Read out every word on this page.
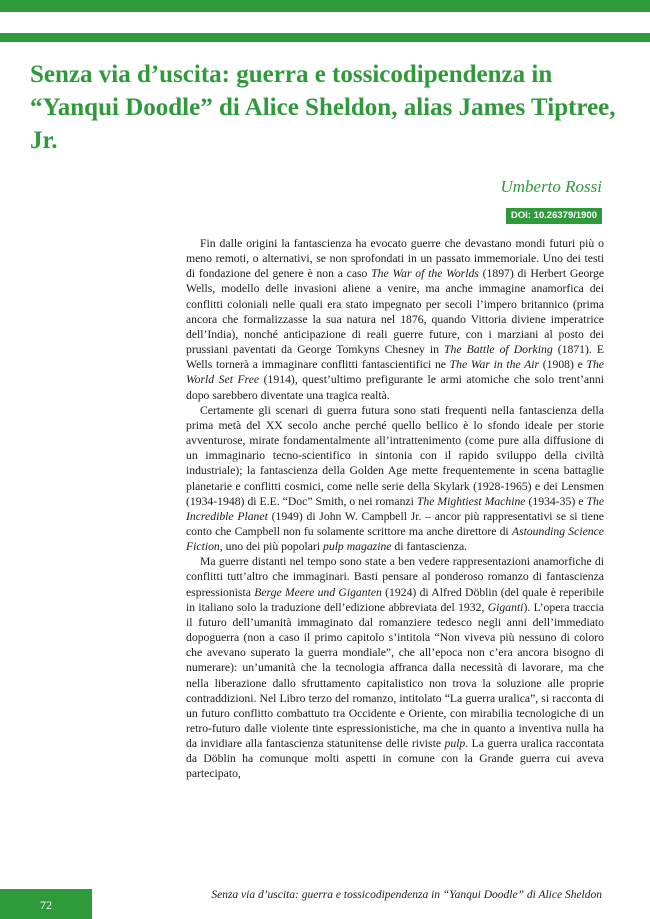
Senza via d’uscita: guerra e tossicodipendenza in “Yanqui Doodle” di Alice Sheldon, alias James Tiptree, Jr.
Umberto Rossi
DOI: 10.26379/1900

Fin dalle origini la fantascienza ha evocato guerre che devastano mondi futuri più o meno remoti, o alternativi, se non sprofondati in un passato immemoriale. Uno dei testi di fondazione del genere è non a caso The War of the Worlds (1897) di Herbert George Wells, modello delle invasioni aliene a venire, ma anche immagine anamorfica dei conflitti coloniali nelle quali era stato impegnato per secoli l’impero britannico (prima ancora che formalizzasse la sua natura nel 1876, quando Vittoria diviene imperatrice dell’India), nonché anticipazione di reali guerre future, con i marziani al posto dei prussiani paventati da George Tomkyns Chesney in The Battle of Dorking (1871). E Wells tornerà a immaginare conflitti fantascientifici ne The War in the Air (1908) e The World Set Free (1914), quest’ultimo prefigurante le armi atomiche che solo trent’anni dopo sarebbero diventate una tragica realtà.

Certamente gli scenari di guerra futura sono stati frequenti nella fantascienza della prima metà del XX secolo anche perché quello bellico è lo sfondo ideale per storie avventurose, mirate fondamentalmente all’intrattenimento (come pure alla diffusione di un immaginario tecno-scientifico in sintonia con il rapido sviluppo della civiltà industriale); la fantascienza della Golden Age mette frequentemente in scena battaglie planetarie e conflitti cosmici, come nelle serie della Skylark (1928-1965) e dei Lensmen (1934-1948) di E.E. “Doc” Smith, o nei romanzi The Mightiest Machine (1934-35) e The Incredible Planet (1949) di John W. Campbell Jr. – ancor più rappresentativi se si tiene conto che Campbell non fu solamente scrittore ma anche direttore di Astounding Science Fiction, uno dei più popolari pulp magazine di fantascienza.

Ma guerre distanti nel tempo sono state a ben vedere rappresentazioni anamorfiche di conflitti tutt’altro che immaginari. Basti pensare al ponderoso romanzo di fantascienza espressionista Berge Meere und Giganten (1924) di Alfred Döblin (del quale è reperibile in italiano solo la traduzione dell’edizione abbreviata del 1932, Giganti). L’opera traccia il futuro dell’umanità immaginato dal romanziere tedesco negli anni dell’immediato dopoguerra (non a caso il primo capitolo s’intitola “Non viveva più nessuno di coloro che avevano superato la guerra mondiale”, che all’epoca non c’era ancora bisogno di numerare): un’umanità che la tecnologia affranca dalla necessità di lavorare, ma che nella liberazione dallo sfruttamento capitalistico non trova la soluzione alle proprie contraddizioni. Nel Libro terzo del romanzo, intitolato “La guerra uralica”, si racconta di un futuro conflitto combattuto tra Occidente e Oriente, con mirabilia tecnologiche di un retro-futuro dalle violente tinte espressionistiche, ma che in quanto a inventiva nulla ha da invidiare alla fantascienza statunitense delle riviste pulp. La guerra uralica raccontata da Döblin ha comunque molti aspetti in comune con la Grande guerra cui aveva partecipato,

72
Senza via d’uscita: guerra e tossicodipendenza in “Yanqui Doodle” di Alice Sheldon
